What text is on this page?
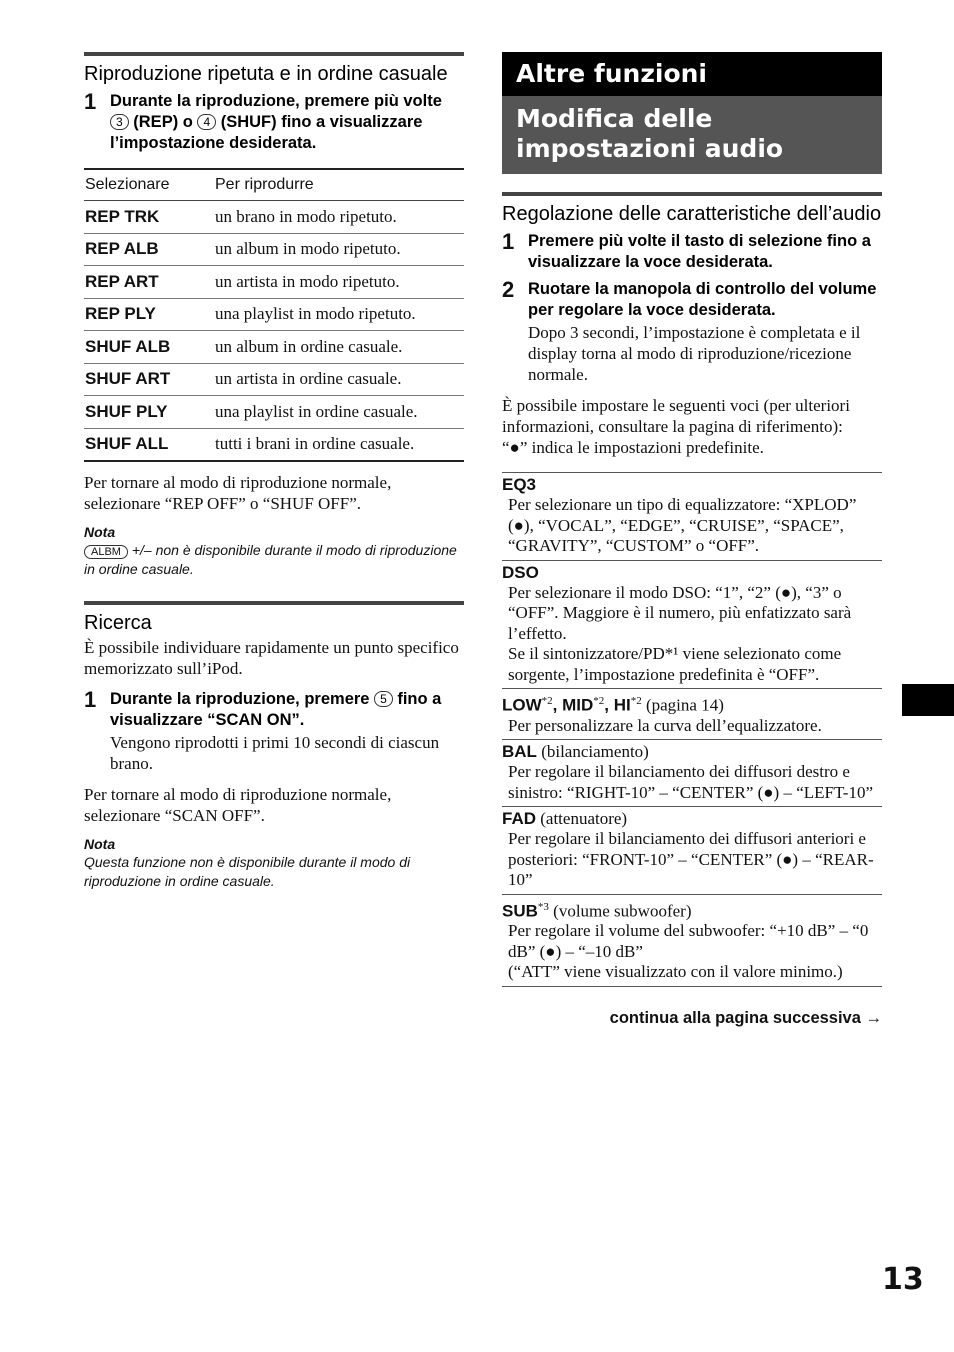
Riproduzione ripetuta e in ordine casuale
1 Durante la riproduzione, premere più volte 3 (REP) o 4 (SHUF) fino a visualizzare l’impostazione desiderata.
Selezionare	Per riprodurre
REP TRK	un brano in modo ripetuto.
REP ALB	un album in modo ripetuto.
REP ART	un artista in modo ripetuto.
REP PLY	una playlist in modo ripetuto.
SHUF ALB	un album in ordine casuale.
SHUF ART	un artista in ordine casuale.
SHUF PLY	una playlist in ordine casuale.
SHUF ALL	tutti i brani in ordine casuale.
Per tornare al modo di riproduzione normale, selezionare “REP OFF” o “SHUF OFF”.
Nota
ALBM +/– non è disponibile durante il modo di riproduzione in ordine casuale.
Ricerca
È possibile individuare rapidamente un punto specifico memorizzato sull’iPod.
1 Durante la riproduzione, premere 5 fino a visualizzare “SCAN ON”.
Vengono riprodotti i primi 10 secondi di ciascun brano.
Per tornare al modo di riproduzione normale, selezionare “SCAN OFF”.
Nota
Questa funzione non è disponibile durante il modo di riproduzione in ordine casuale.
Altre funzioni
Modifica delle impostazioni audio
Regolazione delle caratteristiche dell’audio
1 Premere più volte il tasto di selezione fino a visualizzare la voce desiderata.
2 Ruotare la manopola di controllo del volume per regolare la voce desiderata.
Dopo 3 secondi, l’impostazione è completata e il display torna al modo di riproduzione/ricezione normale.
È possibile impostare le seguenti voci (per ulteriori informazioni, consultare la pagina di riferimento):
“●” indica le impostazioni predefinite.
EQ3
Per selezionare un tipo di equalizzatore: “XPLOD” (●), “VOCAL”, “EDGE”, “CRUISE”, “SPACE”, “GRAVITY”, “CUSTOM” o “OFF”.
DSO
Per selezionare il modo DSO: “1”, “2” (●), “3” o “OFF”. Maggiore è il numero, più enfatizzato sarà l’effetto.
Se il sintonizzatore/PD*¹ viene selezionato come sorgente, l’impostazione predefinita è “OFF”.
LOW$^{*2}$, MID$^{*2}$, HI$^{*2}$ (pagina 14)
Per personalizzare la curva dell’equalizzatore.
BAL (bilanciamento)
Per regolare il bilanciamento dei diffusori destro e sinistro: “RIGHT-10” – “CENTER” (●) – “LEFT-10”
FAD (attenuatore)
Per regolare il bilanciamento dei diffusori anteriori e posteriori: “FRONT-10” – “CENTER” (●) – “REAR-10”
SUB$^{*3}$ (volume subwoofer)
Per regolare il volume del subwoofer: “+10 dB” – “0 dB” (●) – “–10 dB”
(“ATT” viene visualizzato con il valore minimo.)
continua alla pagina successiva →
13
